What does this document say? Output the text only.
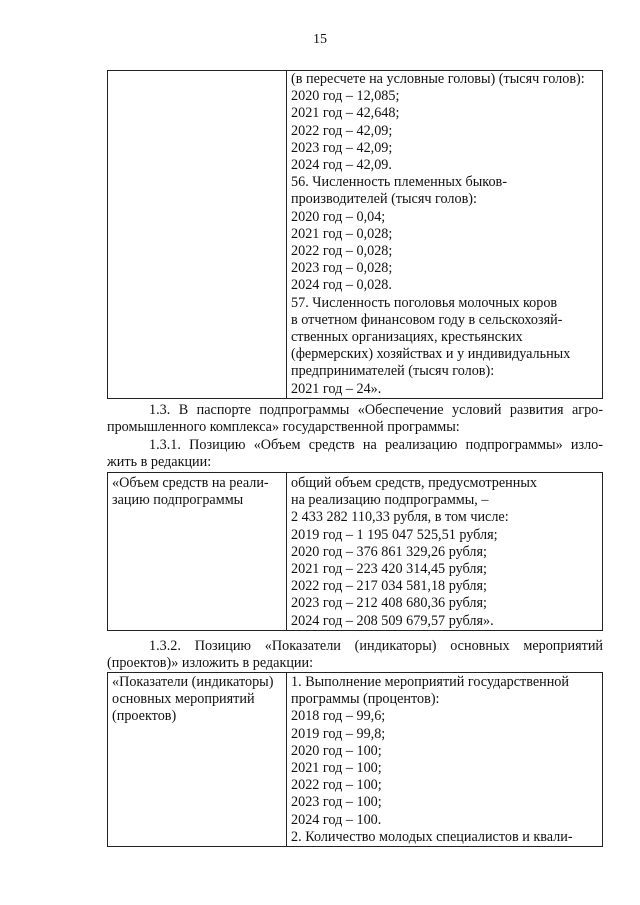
15

(в пересчете на условные головы) (тысяч голов):
2020 год – 12,085;
2021 год – 42,648;
2022 год – 42,09;
2023 год – 42,09;
2024 год – 42,09.
56. Численность племенных быков-
производителей (тысяч голов):
2020 год – 0,04;
2021 год – 0,028;
2022 год – 0,028;
2023 год – 0,028;
2024 год – 0,028.
57. Численность поголовья молочных коров
в отчетном финансовом году в сельскохозяй-
ственных организациях, крестьянских
(фермерских) хозяйствах и у индивидуальных
предпринимателей (тысяч голов):
2021 год – 24».
1.3. В паспорте подпрограммы «Обеспечение условий развития агро-
промышленного комплекса» государственной программы:
1.3.1. Позицию «Объем средств на реализацию подпрограммы» изло-
жить в редакции:
«Объем средств на реали-
зацию подпрограммы

общий объем средств, предусмотренных
на реализацию подпрограммы, –
2 433 282 110,33 рубля, в том числе:
2019 год – 1 195 047 525,51 рубля;
2020 год – 376 861 329,26 рубля;
2021 год – 223 420 314,45 рубля;
2022 год – 217 034 581,18 рубля;
2023 год – 212 408 680,36 рубля;
2024 год – 208 509 679,57 рубля».
1.3.2. Позицию «Показатели (индикаторы) основных мероприятий
(проектов)» изложить в редакции:
«Показатели (индикаторы)
основных мероприятий
(проектов)

1. Выполнение мероприятий государственной
программы (процентов):
2018 год – 99,6;
2019 год – 99,8;
2020 год – 100;
2021 год – 100;
2022 год – 100;
2023 год – 100;
2024 год – 100.
2. Количество молодых специалистов и квали-
